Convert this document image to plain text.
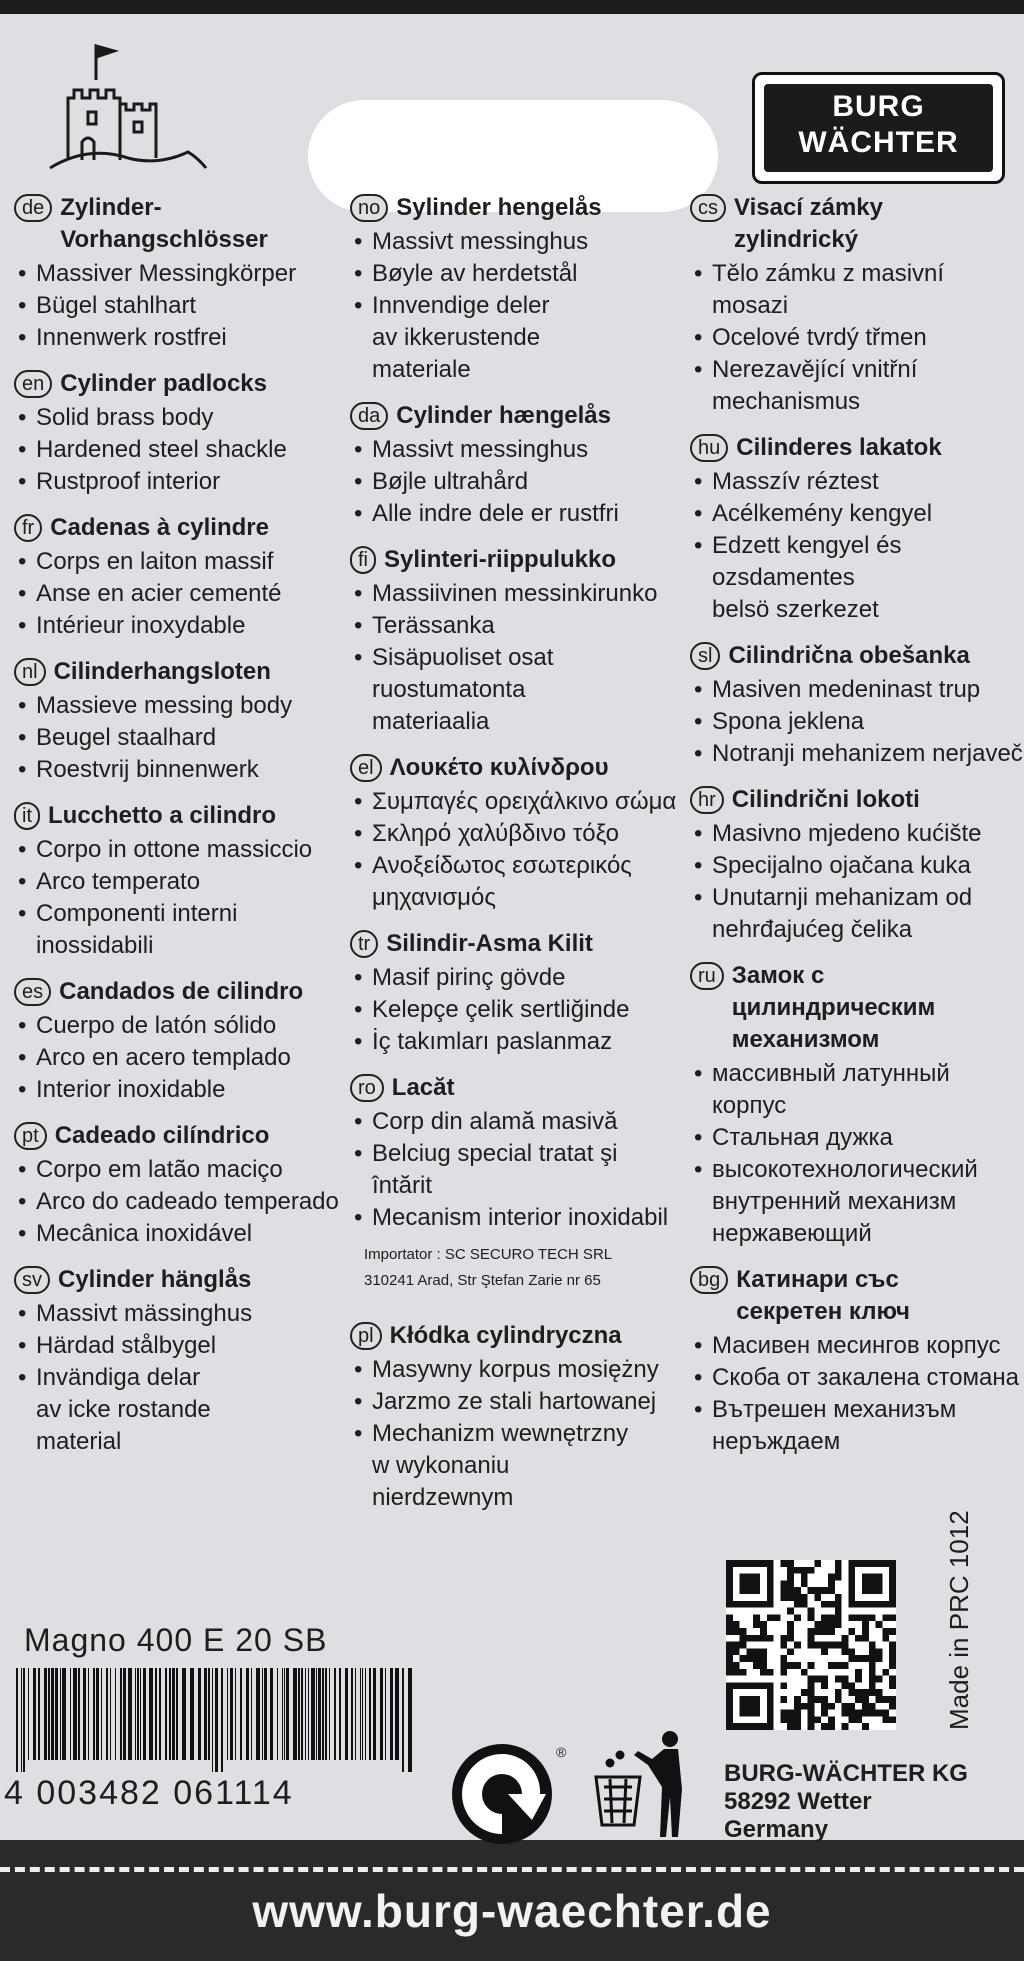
BURG
WÄCHTER
de Zylinder-
Vorhangschlösser
• Massiver Messingkörper
• Bügel stahlhart
• Innenwerk rostfrei
en Cylinder padlocks
• Solid brass body
• Hardened steel shackle
• Rustproof interior
fr Cadenas à cylindre
• Corps en laiton massif
• Anse en acier cementé
• Intérieur inoxydable
nl Cilinderhangsloten
• Massieve messing body
• Beugel staalhard
• Roestvrij binnenwerk
it Lucchetto a cilindro
• Corpo in ottone massiccio
• Arco temperato
• Componenti interni
inossidabili
es Candados de cilindro
• Cuerpo de latón sólido
• Arco en acero templado
• Interior inoxidable
pt Cadeado cilíndrico
• Corpo em latão maciço
• Arco do cadeado temperado
• Mecânica inoxidável
sv Cylinder hänglås
• Massivt mässinghus
• Härdad stålbygel
• Invändiga delar
av icke rostande
material
no Sylinder hengelås
• Massivt messinghus
• Bøyle av herdetstål
• Innvendige deler
av ikkerustende
materiale
da Cylinder hængelås
• Massivt messinghus
• Bøjle ultrahård
• Alle indre dele er rustfri
fi Sylinteri-riippulukko
• Massiivinen messinkirunko
• Terässanka
• Sisäpuoliset osat
ruostumatonta
materiaalia
el Λουκέτο κυλίνδρου
• Συμπαγές ορειχάλκινο σώμα
• Σκληρό χαλύβδινο τόξο
• Ανοξείδωτος εσωτερικός
μηχανισμός
tr Silindir-Asma Kilit
• Masif pirinç gövde
• Kelepçe çelik sertliğinde
• İç takımları paslanmaz
ro Lacăt
• Corp din alamă masivă
• Belciug special tratat şi
întărit
• Mecanism interior inoxidabil
Importator : SC SECURO TECH SRL
310241 Arad, Str Ştefan Zarie nr 65
pl Kłódka cylindryczna
• Masywny korpus mosiężny
• Jarzmo ze stali hartowanej
• Mechanizm wewnętrzny
w wykonaniu
nierdzewnym
cs Visací zámky
zylindrický
• Tělo zámku z masivní mosazi
• Ocelové tvrdý třmen
• Nerezavějící vnitřní
mechanismus
hu Cilinderes lakatok
• Masszív réztest
• Acélkemény kengyel
• Edzett kengyel és ozsdamentes
belsö szerkezet
sl Cilindrična obešanka
• Masiven medeninast trup
• Spona jeklena
• Notranji mehanizem nerjaveč
hr Cilindrični lokoti
• Masivno mjedeno kućište
• Specijalno ojačana kuka
• Unutarnji mehanizam od
nehrđajućeg čelika
ru Замок с
цилиндрическим
механизмом
• массивный латунный корпус
• Стальная дужка
• высокотехнологический
внутренний механизм
нержавеющий
bg Катинари със
секретен ключ
• Масивен месингов корпус
• Скоба от закалена стомана
• Вътрешен механизъм
неръждаем
Magno 400 E 20 SB
4 003482 061114
®
Made in PRC 1012
BURG-WÄCHTER KG
58292 Wetter
Germany
www.burg-waechter.de
